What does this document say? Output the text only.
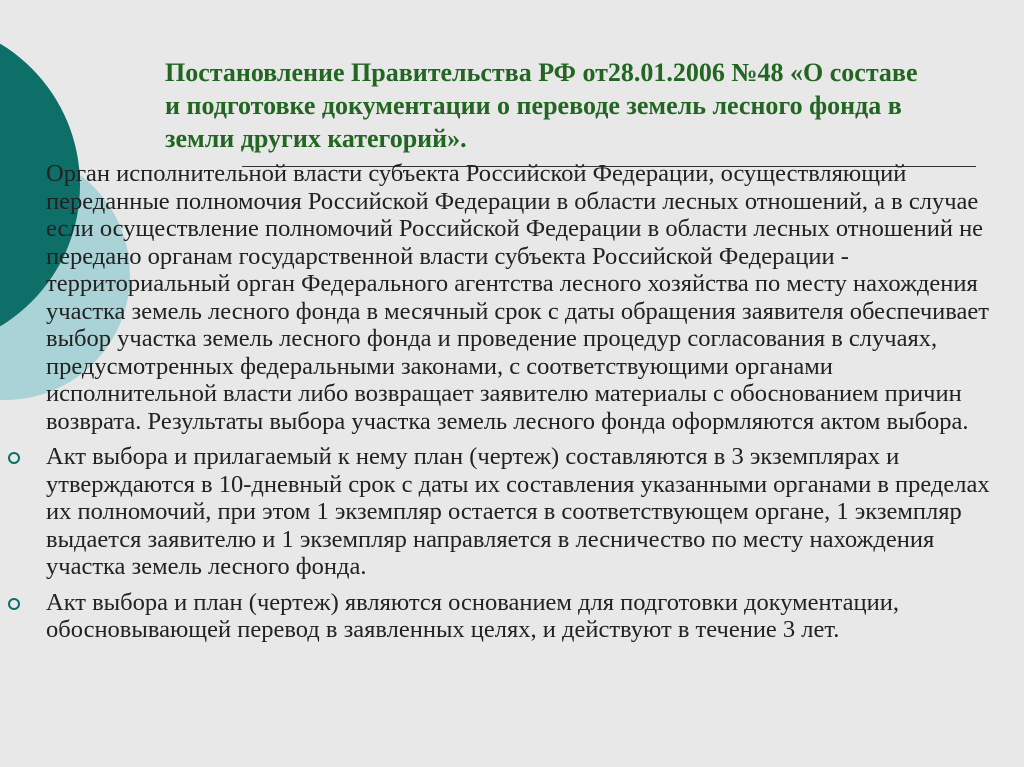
Постановление Правительства РФ от28.01.2006 №48 «О составе и подготовке документации о переводе земель лесного фонда в земли других категорий».

Орган исполнительной власти субъекта Российской Федерации, осуществляющий переданные полномочия Российской Федерации в области лесных отношений, а в случае если осуществление полномочий Российской Федерации в области лесных отношений не передано органам государственной власти субъекта Российской Федерации - территориальный орган Федерального агентства лесного хозяйства по месту нахождения участка земель лесного фонда в месячный срок с даты обращения заявителя обеспечивает выбор участка земель лесного фонда и проведение процедур согласования в случаях, предусмотренных федеральными законами, с соответствующими органами исполнительной власти либо возвращает заявителю материалы с обоснованием причин возврата. Результаты выбора участка земель лесного фонда оформляются актом выбора.

Акт выбора и прилагаемый к нему план (чертеж) составляются в 3 экземплярах и утверждаются в 10-дневный срок с даты их составления указанными органами в пределах их полномочий, при этом 1 экземпляр остается в соответствующем органе, 1 экземпляр выдается заявителю и 1 экземпляр направляется в лесничество по месту нахождения участка земель лесного фонда.

Акт выбора и план (чертеж) являются основанием для подготовки документации, обосновывающей перевод в заявленных целях, и действуют в течение 3 лет.
